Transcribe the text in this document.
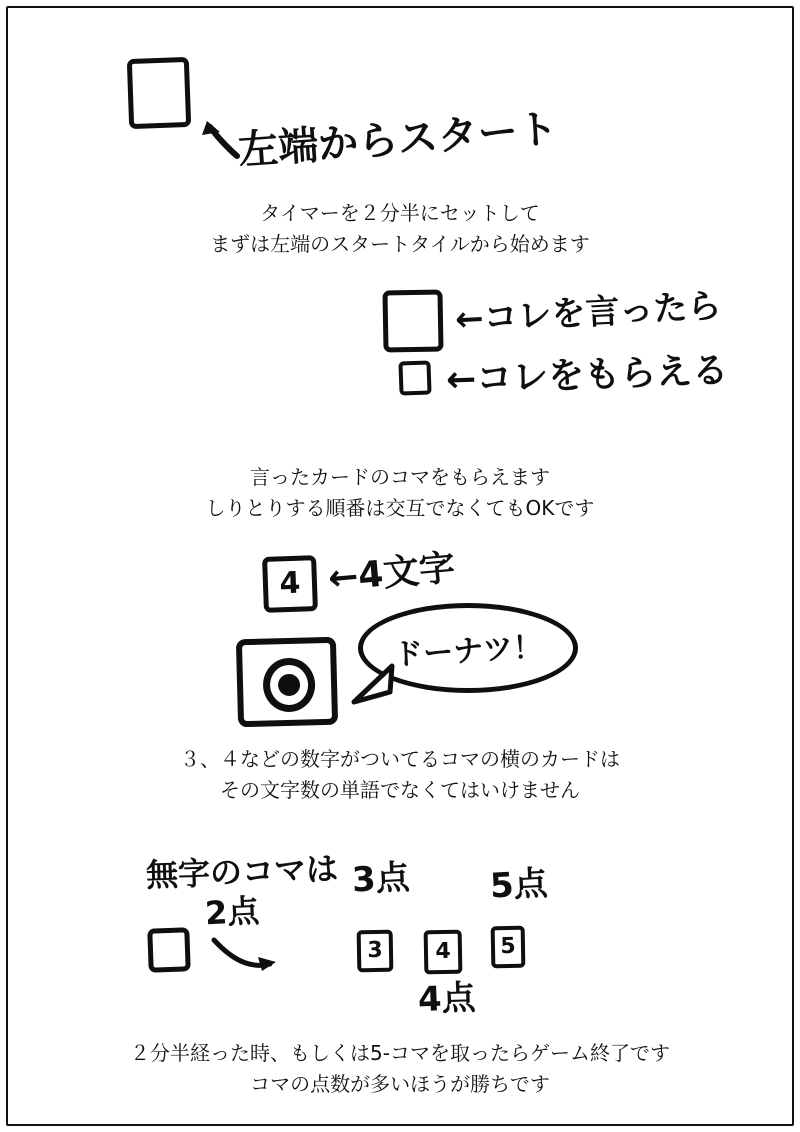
左端からスタート
タイマーを２分半にセットして
まずは左端のスタートタイルから始めます
←コレを言ったら
←コレをもらえる
言ったカードのコマをもらえます
しりとりする順番は交互でなくてもOKです
4 ←4文字
ドーナツ！
３、４などの数字がついてるコマの横のカードは
その文字数の単語でなくてはいけません
無字のコマは
2点
3点 5点
3	4	5
4点
２分半経った時、もしくは5-コマを取ったらゲーム終了です
コマの点数が多いほうが勝ちです
